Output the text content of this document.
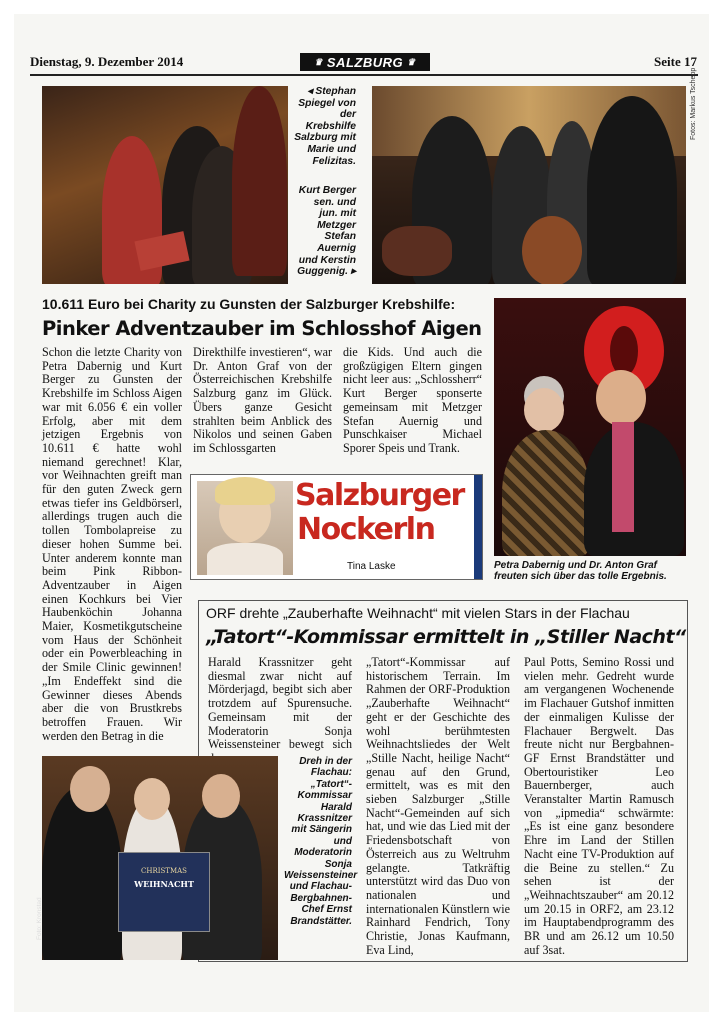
Dienstag, 9. Dezember 2014	♛ SALZBURG ♛	Seite 17
◂ Stephan Spiegel von der Krebshilfe Salzburg mit Marie und Felizitas.
Kurt Berger sen. und jun. mit Metzger Stefan Auernig und Kerstin Guggenig. ▸
Fotos: Markus Tschepp
10.611 Euro bei Charity zu Gunsten der Salzburger Krebshilfe:
Pinker Adventzauber im Schlosshof Aigen
Schon die letzte Charity von Petra Dabernig und Kurt Berger zu Gunsten der Krebshilfe im Schloss Aigen war mit 6.056 € ein voller Erfolg, aber mit dem jetzigen Ergebnis von 10.611 € hatte wohl niemand gerechnet! Klar, vor Weihnachten greift man für den guten Zweck gern etwas tiefer ins Geldbörserl, allerdings trugen auch die tollen Tombolapreise zu dieser hohen Summe bei. Unter anderem konnte man beim Pink Ribbon-Adventzauber in Aigen einen Kochkurs bei Vier Haubenköchin Johanna Maier, Kosmetikgutscheine vom Haus der Schönheit oder ein Powerbleaching in der Smile Clinic gewinnen! „Im Endeffekt sind die Gewinner dieses Abends aber die von Brustkrebs betroffen Frauen. Wir werden den Betrag in die
Direkthilfe investieren“, war Dr. Anton Graf von der Österreichischen Krebshilfe Salzburg ganz im Glück. Übers ganze Gesicht strahlten beim Anblick des Nikolos und seinen Gaben im Schlossgarten
die Kids. Und auch die großzügigen Eltern gingen nicht leer aus: „Schlossherr“ Kurt Berger sponserte gemeinsam mit Metzger Stefan Auernig und Punschkaiser Michael Sporer Speis und Trank.
Salzburger
Nockerln
Tina Laske	Petra Dabernig und Dr. Anton Graf freuten sich über das tolle Ergebnis.
ORF drehte „Zauberhafte Weihnacht“ mit vielen Stars in der Flachau
„Tatort“-Kommissar ermittelt in „Stiller Nacht“
Harald Krassnitzer geht diesmal zwar nicht auf Mörderjagd, begibt sich aber trotzdem auf Spurensuche. Gemeinsam mit der Moderatorin Sonja Weissensteiner bewegt sich
„Tatort“-Kommissar auf historischem Terrain. Im Rahmen der ORF-Produktion „Zauberhafte Weihnacht“ geht er der Geschichte des wohl berühmtesten Weihnachtsliedes der Welt „Stille Nacht, heilige Nacht“ genau auf den Grund, ermittelt, was es mit den sieben Salzburger „Stille Nacht“-Gemeinden auf sich hat, und wie das Lied mit der Friedensbotschaft von Österreich aus zu Weltruhm gelangte. Tatkräftig unterstützt wird das Duo von nationalen und internationalen Künstlern wie Rainhard Fendrich, Tony Christie, Jonas Kaufmann, Eva Lind,
Paul Potts, Semino Rossi und vielen mehr. Gedreht wurde am vergangenen Wochenende im Flachauer Gutshof inmitten der einmaligen Kulisse der Flachauer Bergwelt. Das freute nicht nur Bergbahnen-GF Ernst Brandstätter und Obertouristiker Leo Bauernberger, auch Veranstalter Martin Ramusch von „ipmedia“ schwärmte: „Es ist eine ganz besondere Ehre im Land der Stillen Nacht eine TV-Produktion auf die Beine zu stellen.“ Zu sehen ist der „Weihnachtszauber“ am 20.12 um 20.15 in ORF2, am 23.12 im Hauptabendprogramm des BR und am 26.12 um 10.50 auf 3sat.
Dreh in der Flachau: „Tatort“-Kommissar Harald Krassnitzer mit Sängerin und Moderatorin Sonja Weissensteiner und Flachau-Bergbahnen-Chef Ernst Brandstätter.
CHRISTMAS
WEIHNACHT
Foto: Kronstad
